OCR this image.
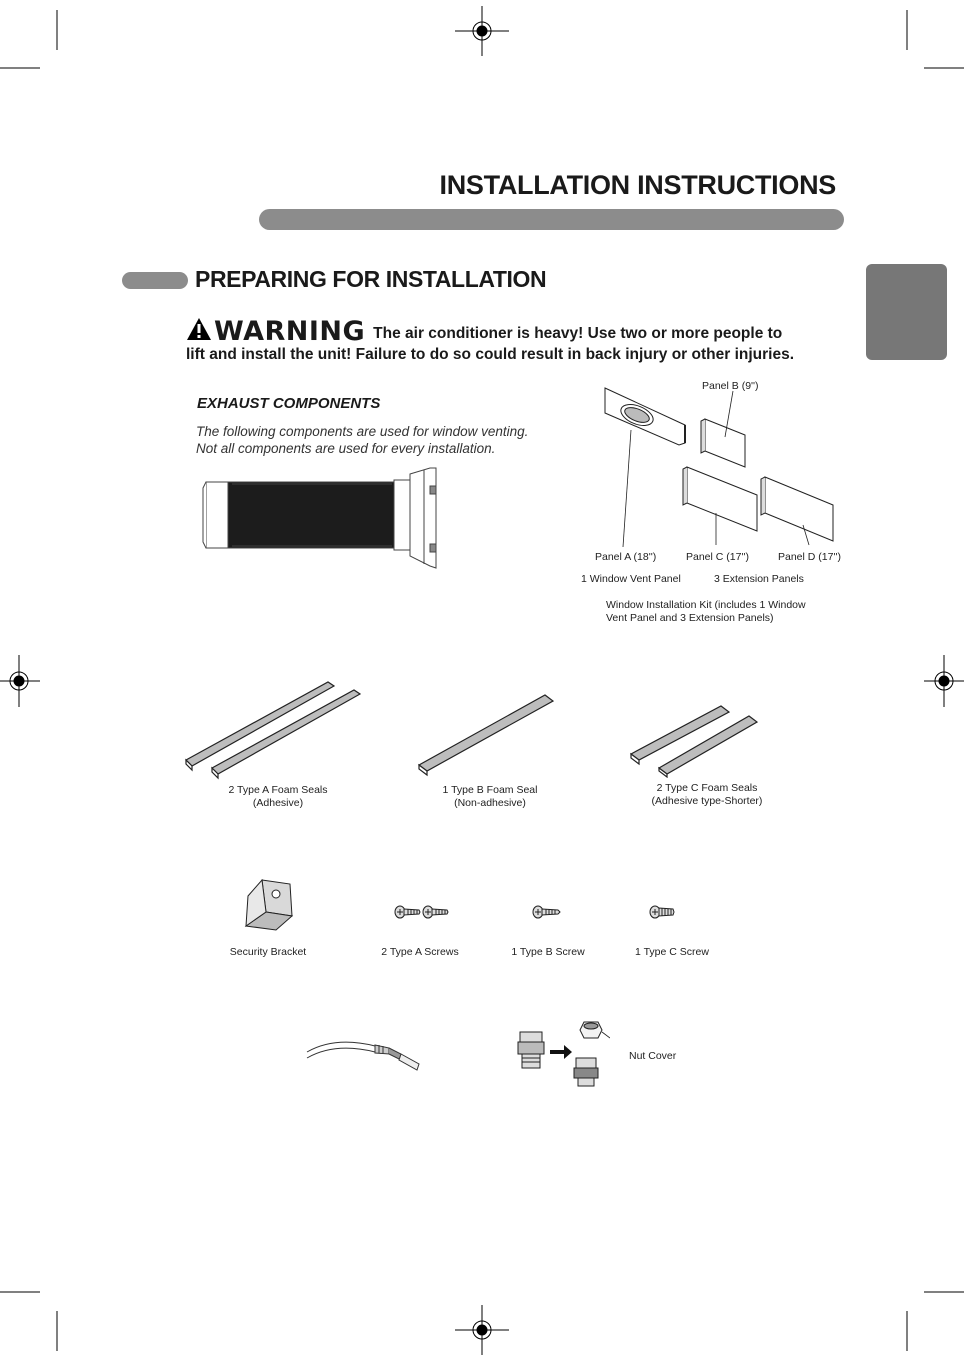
INSTALLATION INSTRUCTIONS
PREPARING FOR INSTALLATION
WARNING The air conditioner is heavy! Use two or more people to
lift and install the unit! Failure to do so could result in back injury or other injuries.
EXHAUST COMPONENTS
The following components are used for window venting.
Not all components are used for every installation.
Panel B (9'')
Panel A (18'')	Panel C (17'')	Panel D (17'')
1 Window Vent Panel	3 Extension Panels
Window Installation Kit (includes 1 Window
Vent Panel and 3 Extension Panels)
2 Type A Foam Seals
(Adhesive)
1 Type B Foam Seal
(Non-adhesive)
2 Type C Foam Seals
(Adhesive type-Shorter)
Security Bracket	2 Type A Screws	1 Type B Screw	1 Type C Screw
Nut Cover
